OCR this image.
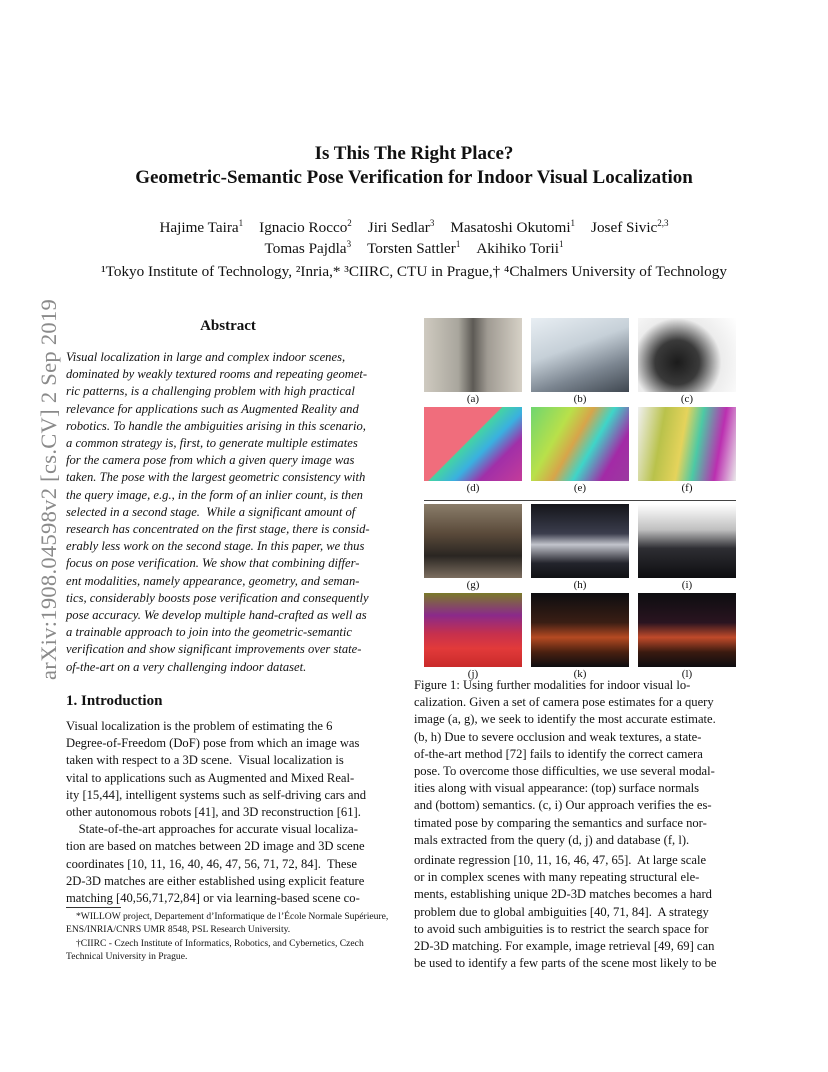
arXiv:1908.04598v2 [cs.CV] 2 Sep 2019
Is This The Right Place?
Geometric-Semantic Pose Verification for Indoor Visual Localization
Hajime Taira$^1$ Ignacio Rocco$^2$ Jiri Sedlar$^3$ Masatoshi Okutomi$^1$ Josef Sivic$^{2,3}$
Tomas Pajdla$^3$ Torsten Sattler$^1$ Akihiko Torii$^1$
¹Tokyo Institute of Technology, ²Inria,* ³CIIRC, CTU in Prague,† ⁴Chalmers University of Technology
Abstract
Visual localization in large and complex indoor scenes,
dominated by weakly textured rooms and repeating geomet-
ric patterns, is a challenging problem with high practical
relevance for applications such as Augmented Reality and
robotics. To handle the ambiguities arising in this scenario,
a common strategy is, first, to generate multiple estimates
for the camera pose from which a given query image was
taken. The pose with the largest geometric consistency with
the query image, e.g., in the form of an inlier count, is then
selected in a second stage.  While a significant amount of
research has concentrated on the first stage, there is consid-
erably less work on the second stage. In this paper, we thus
focus on pose verification. We show that combining differ-
ent modalities, namely appearance, geometry, and seman-
tics, considerably boosts pose verification and consequently
pose accuracy. We develop multiple hand-crafted as well as
a trainable approach to join into the geometric-semantic
verification and show significant improvements over state-
of-the-art on a very challenging indoor dataset.
1. Introduction
Visual localization is the problem of estimating the 6
Degree-of-Freedom (DoF) pose from which an image was
taken with respect to a 3D scene.  Visual localization is
vital to applications such as Augmented and Mixed Real-
ity [15,44], intelligent systems such as self-driving cars and
other autonomous robots [41], and 3D reconstruction [61].
State-of-the-art approaches for accurate visual localiza-
tion are based on matches between 2D image and 3D scene
coordinates [10, 11, 16, 40, 46, 47, 56, 71, 72, 84].  These
2D-3D matches are either established using explicit feature
matching [40,56,71,72,84] or via learning-based scene co-
*WILLOW project, Departement d’Informatique de l’École Normale Supérieure, ENS/INRIA/CNRS UMR 8548, PSL Research University.
†CIIRC - Czech Institute of Informatics, Robotics, and Cybernetics, Czech Technical University in Prague.
(a)	(b)	(c)
(d)	(e)	(f)
(g)	(h)	(i)
(j)	(k)	(l)
Figure 1: Using further modalities for indoor visual lo-
calization. Given a set of camera pose estimates for a query
image (a, g), we seek to identify the most accurate estimate.
(b, h) Due to severe occlusion and weak textures, a state-
of-the-art method [72] fails to identify the correct camera
pose. To overcome those difficulties, we use several modal-
ities along with visual appearance: (top) surface normals
and (bottom) semantics. (c, i) Our approach verifies the es-
timated pose by comparing the semantics and surface nor-
mals extracted from the query (d, j) and database (f, l).
ordinate regression [10, 11, 16, 46, 47, 65].  At large scale
or in complex scenes with many repeating structural ele-
ments, establishing unique 2D-3D matches becomes a hard
problem due to global ambiguities [40, 71, 84].  A strategy
to avoid such ambiguities is to restrict the search space for
2D-3D matching. For example, image retrieval [49, 69] can
be used to identify a few parts of the scene most likely to be
